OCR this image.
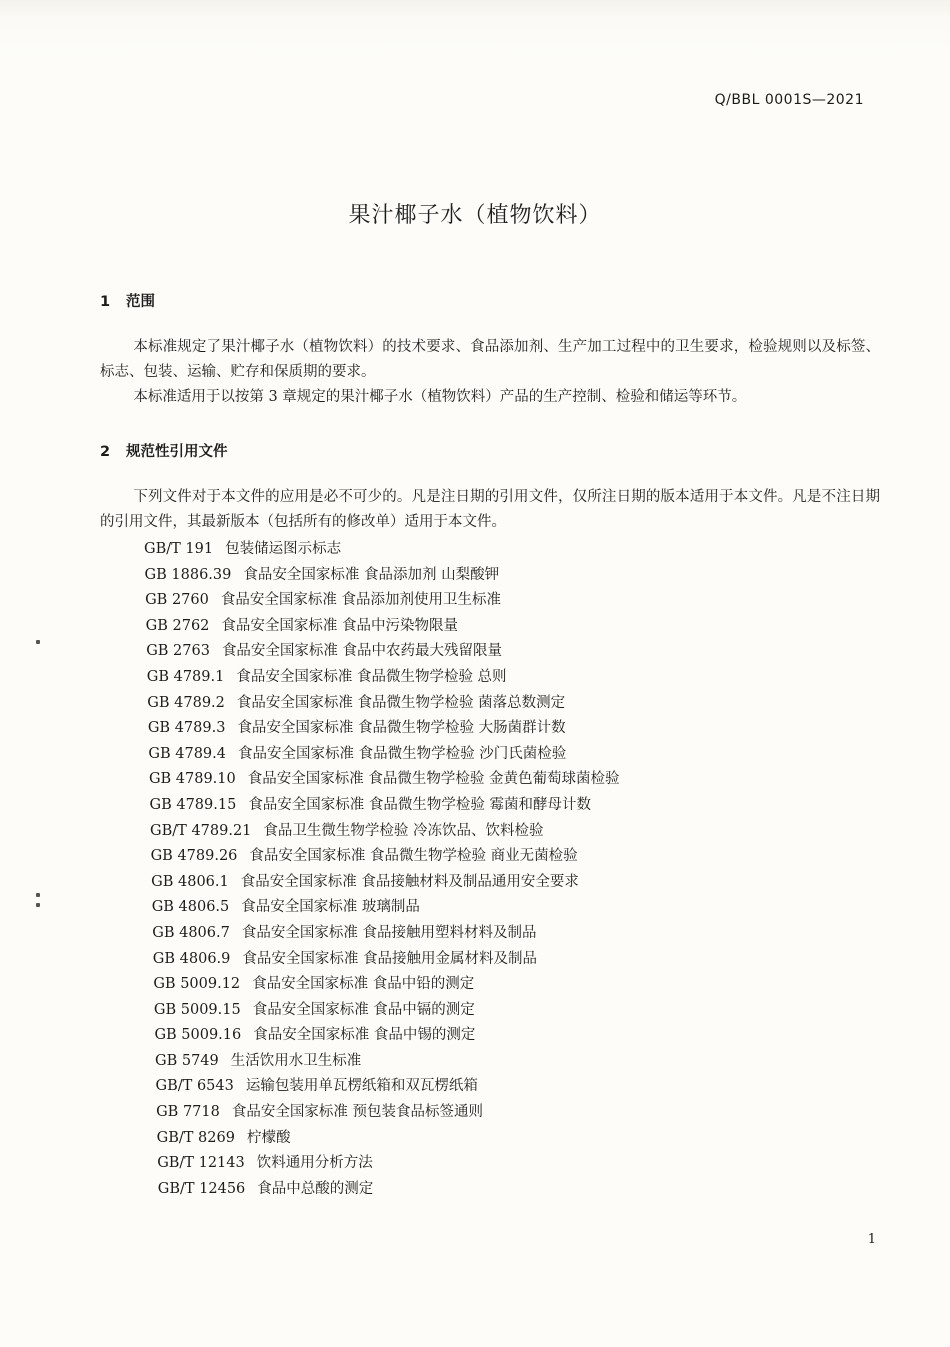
Q/BBL 0001S—2021
果汁椰子水（植物饮料）
1 范围

本标准规定了果汁椰子水（植物饮料）的技术要求、食品添加剂、生产加工过程中的卫生要求，检验规则以及标签、标志、包装、运输、贮存和保质期的要求。

本标准适用于以按第 3 章规定的果汁椰子水（植物饮料）产品的生产控制、检验和储运等环节。

2 规范性引用文件

下列文件对于本文件的应用是必不可少的。凡是注日期的引用文件，仅所注日期的版本适用于本文件。凡是不注日期的引用文件，其最新版本（包括所有的修改单）适用于本文件。

GB/T 191 包装储运图示标志
GB 1886.39 食品安全国家标准 食品添加剂 山梨酸钾
GB 2760 食品安全国家标准 食品添加剂使用卫生标准
GB 2762 食品安全国家标准 食品中污染物限量
GB 2763 食品安全国家标准 食品中农药最大残留限量
GB 4789.1 食品安全国家标准 食品微生物学检验 总则
GB 4789.2 食品安全国家标准 食品微生物学检验 菌落总数测定
GB 4789.3 食品安全国家标准 食品微生物学检验 大肠菌群计数
GB 4789.4 食品安全国家标准 食品微生物学检验 沙门氏菌检验
GB 4789.10 食品安全国家标准 食品微生物学检验 金黄色葡萄球菌检验
GB 4789.15 食品安全国家标准 食品微生物学检验 霉菌和酵母计数
GB/T 4789.21 食品卫生微生物学检验 冷冻饮品、饮料检验
GB 4789.26 食品安全国家标准 食品微生物学检验 商业无菌检验
GB 4806.1 食品安全国家标准 食品接触材料及制品通用安全要求
GB 4806.5 食品安全国家标准 玻璃制品
GB 4806.7 食品安全国家标准 食品接触用塑料材料及制品
GB 4806.9 食品安全国家标准 食品接触用金属材料及制品
GB 5009.12 食品安全国家标准 食品中铅的测定
GB 5009.15 食品安全国家标准 食品中镉的测定
GB 5009.16 食品安全国家标准 食品中锡的测定
GB 5749 生活饮用水卫生标准
GB/T 6543 运输包装用单瓦楞纸箱和双瓦楞纸箱
GB 7718 食品安全国家标准 预包装食品标签通则
GB/T 8269 柠檬酸
GB/T 12143 饮料通用分析方法
GB/T 12456 食品中总酸的测定
1
